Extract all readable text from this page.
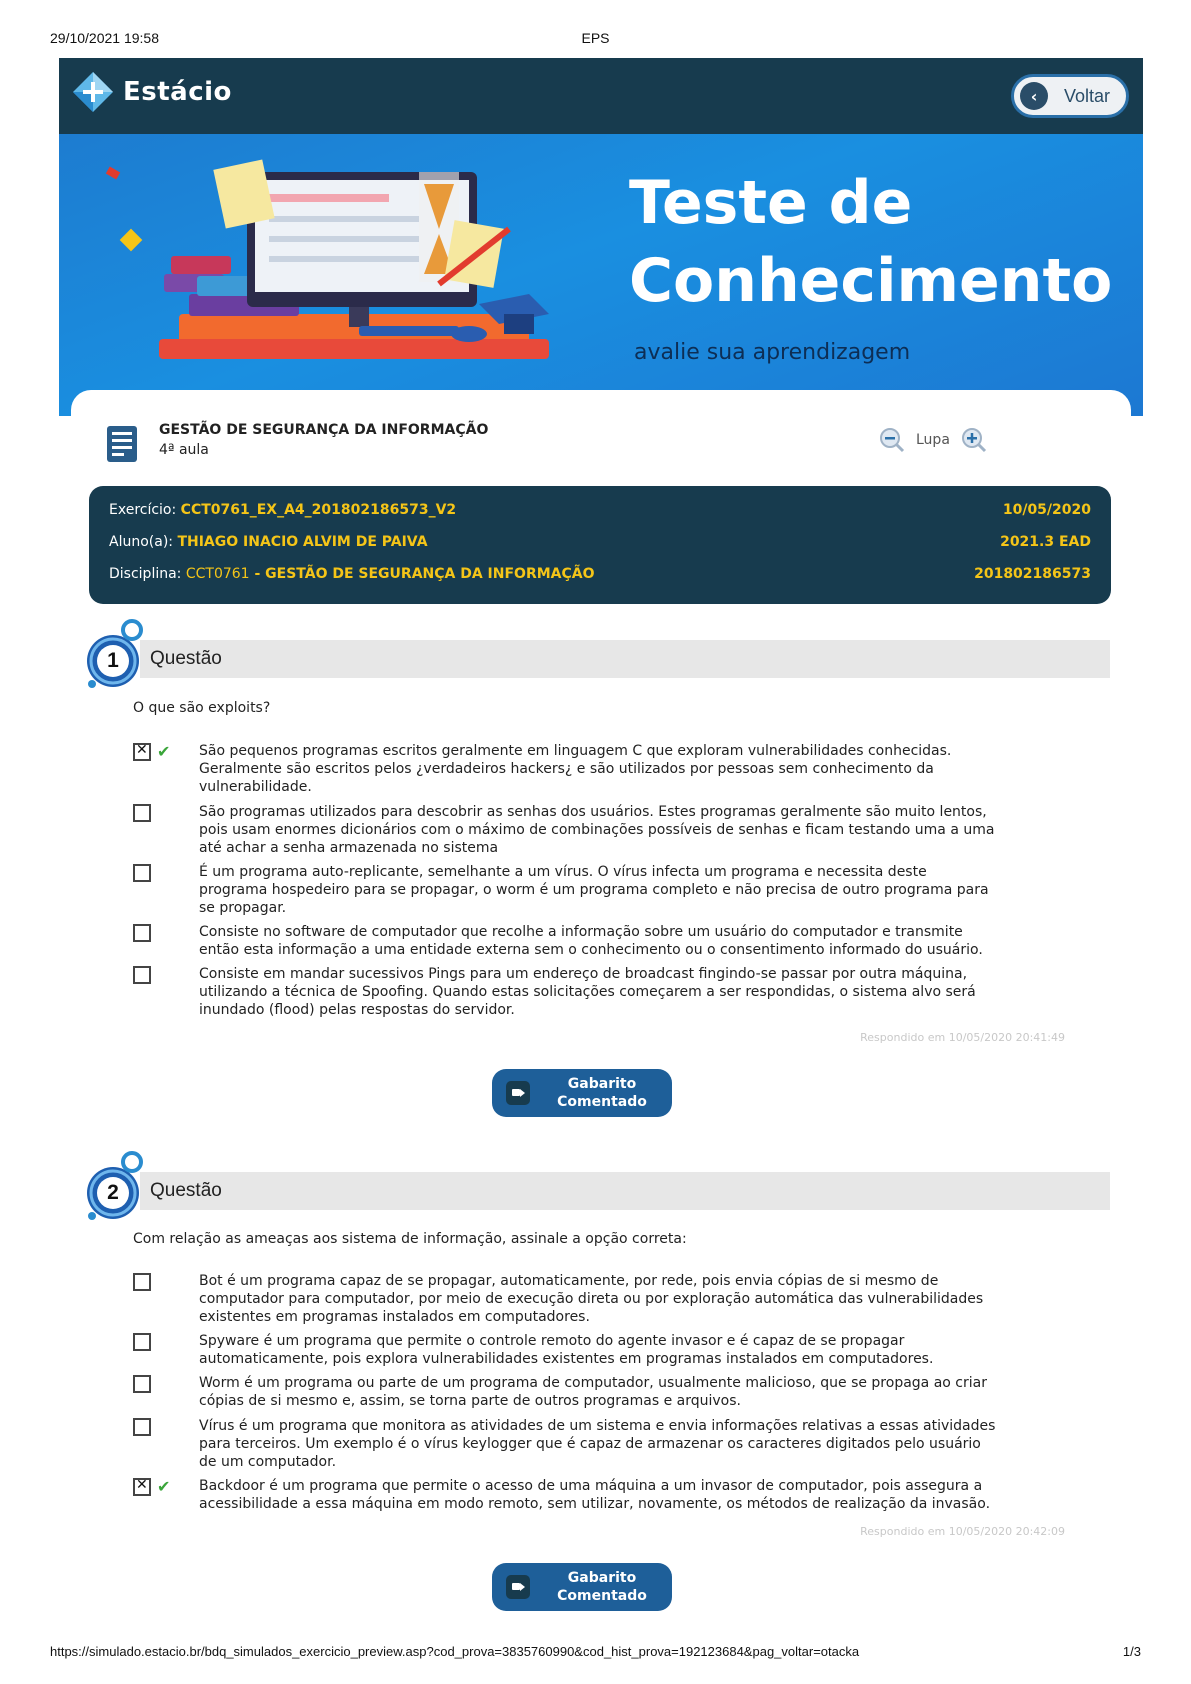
29/10/2021 19:58	EPS
Estácio	‹	Voltar
Teste de
Conhecimento
avalie sua aprendizagem
GESTÃO DE SEGURANÇA DA INFORMAÇÃO
4ª aula
Lupa
Exercício: CCT0761_EX_A4_201802186573_V2	10/05/2020
Aluno(a): THIAGO INACIO ALVIM DE PAIVA	2021.3 EAD
Disciplina: CCT0761 - GESTÃO DE SEGURANÇA DA INFORMAÇÃO	201802186573
1	Questão
O que são exploits?
✕
✔ São pequenos programas escritos geralmente em linguagem C que exploram vulnerabilidades conhecidas.
Geralmente são escritos pelos ¿verdadeiros hackers¿ e são utilizados por pessoas sem conhecimento da
vulnerabilidade.
São programas utilizados para descobrir as senhas dos usuários. Estes programas geralmente são muito lentos,
pois usam enormes dicionários com o máximo de combinações possíveis de senhas e ficam testando uma a uma
até achar a senha armazenada no sistema
É um programa auto-replicante, semelhante a um vírus. O vírus infecta um programa e necessita deste
programa hospedeiro para se propagar, o worm é um programa completo e não precisa de outro programa para
se propagar.
Consiste no software de computador que recolhe a informação sobre um usuário do computador e transmite
então esta informação a uma entidade externa sem o conhecimento ou o consentimento informado do usuário.
Consiste em mandar sucessivos Pings para um endereço de broadcast fingindo-se passar por outra máquina,
utilizando a técnica de Spoofing. Quando estas solicitações começarem a ser respondidas, o sistema alvo será
inundado (flood) pelas respostas do servidor.
Respondido em 10/05/2020 20:41:49
Gabarito
Comentado
2	Questão
Com relação as ameaças aos sistema de informação, assinale a opção correta:
Bot é um programa capaz de se propagar, automaticamente, por rede, pois envia cópias de si mesmo de
computador para computador, por meio de execução direta ou por exploração automática das vulnerabilidades
existentes em programas instalados em computadores.
Spyware é um programa que permite o controle remoto do agente invasor e é capaz de se propagar
automaticamente, pois explora vulnerabilidades existentes em programas instalados em computadores.
Worm é um programa ou parte de um programa de computador, usualmente malicioso, que se propaga ao criar
cópias de si mesmo e, assim, se torna parte de outros programas e arquivos.
Vírus é um programa que monitora as atividades de um sistema e envia informações relativas a essas atividades
para terceiros. Um exemplo é o vírus keylogger que é capaz de armazenar os caracteres digitados pelo usuário
de um computador.
✕
✔ Backdoor é um programa que permite o acesso de uma máquina a um invasor de computador, pois assegura a
acessibilidade a essa máquina em modo remoto, sem utilizar, novamente, os métodos de realização da invasão.
Respondido em 10/05/2020 20:42:09
Gabarito
Comentado
https://simulado.estacio.br/bdq_simulados_exercicio_preview.asp?cod_prova=3835760990&cod_hist_prova=192123684&pag_voltar=otacka	1/3
